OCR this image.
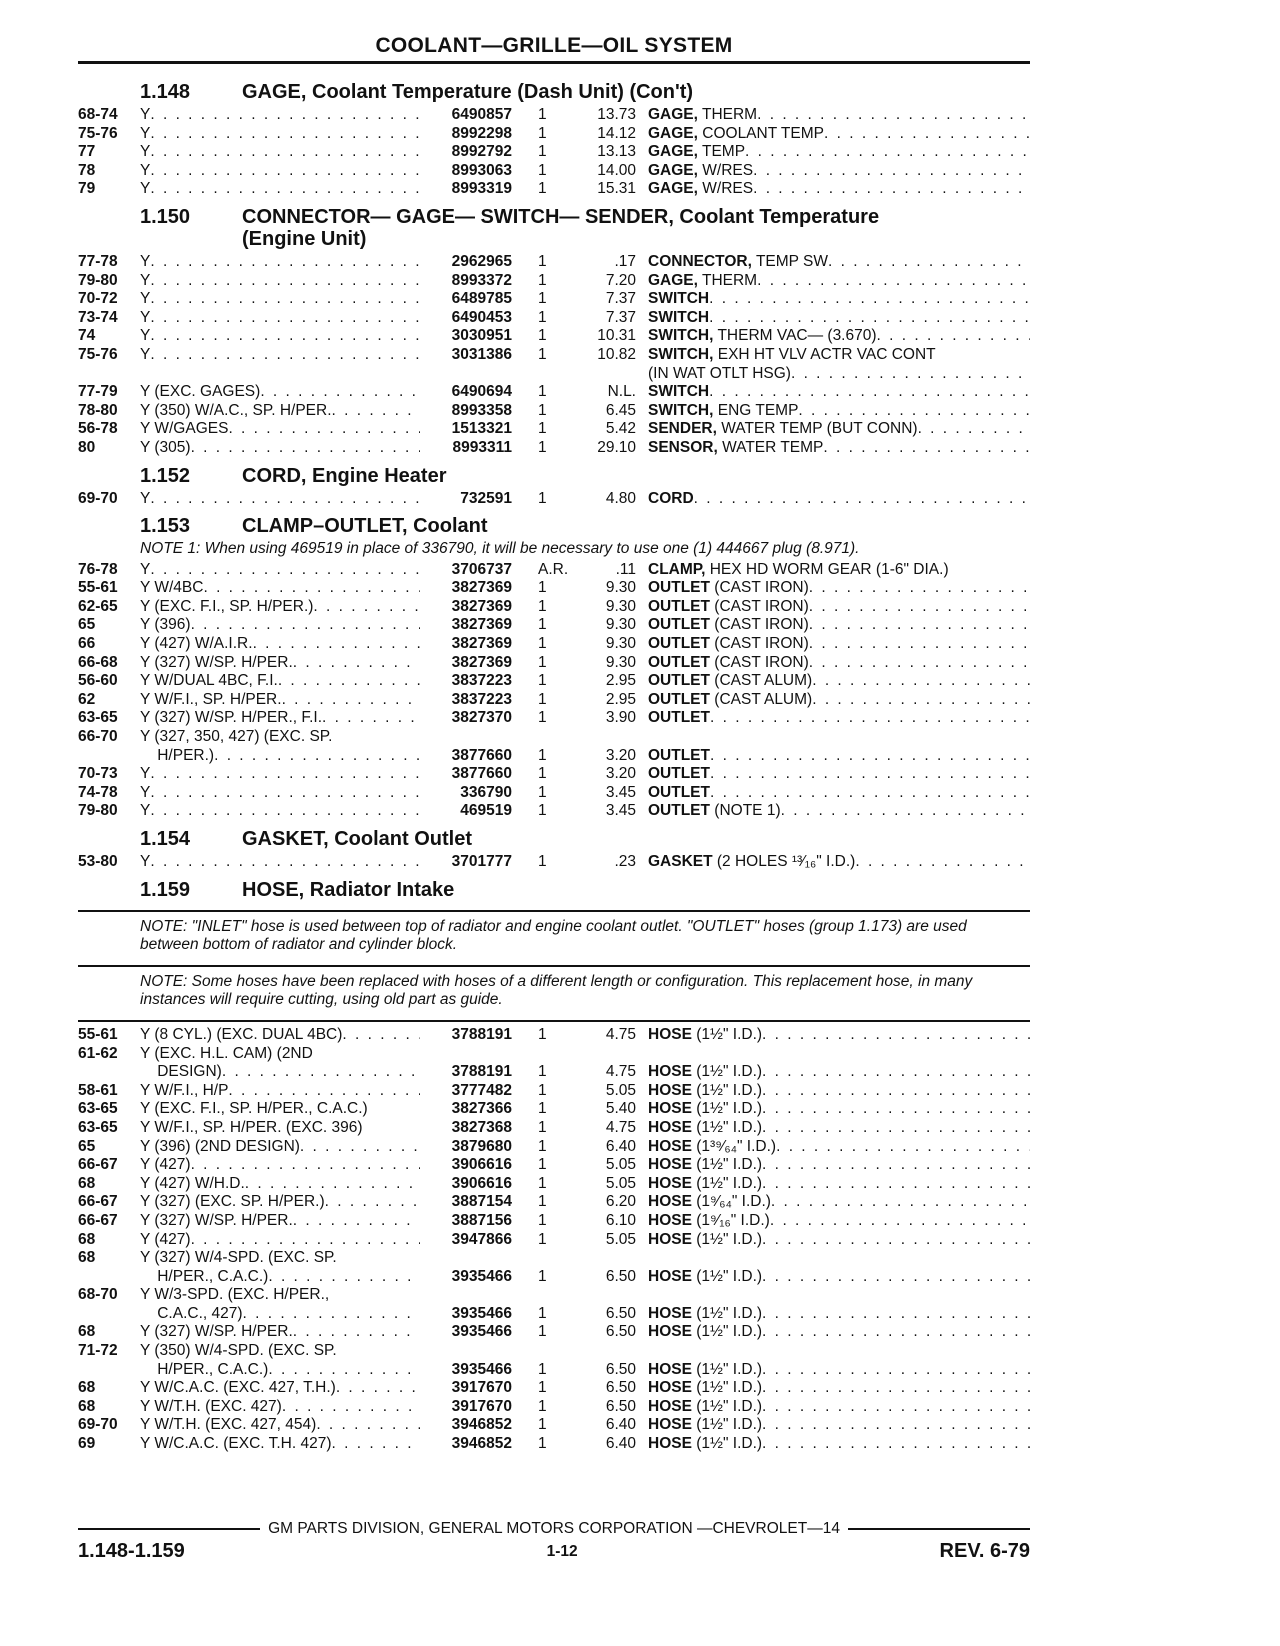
COOLANT—GRILLE—OIL SYSTEM
1.148	GAGE, Coolant Temperature (Dash Unit) (Con't)
68-74	Y . . .	6490857	1	13.73 GAGE, THERM
. . .
75-76	Y . . .	8992298	1	14.12 GAGE, COOLANT TEMP
. . .
77	Y . . .	8992792	1	13.13 GAGE, TEMP
. . .
78	Y . . .	8993063	1	14.00 GAGE, W/RES
. . .
79	Y . . .	8993319	1	15.31 GAGE, W/RES
. . .
1.150	CONNECTOR— GAGE— SWITCH— SENDER, Coolant Temperature
(Engine Unit)
77-78	Y . . .	2962965	1	.17 CONNECTOR, TEMP SW
. . .
79-80	Y . . .	8993372	1	7.20 GAGE, THERM
. . .
70-72	Y . . .	6489785	1	7.37 SWITCH
. . .
73-74	Y . . .	6490453	1	7.37 SWITCH
. . .
74	Y . . .	3030951	1	10.31 SWITCH, THERM VAC— (3.670)
. . .
75-76	Y . . .	3031386	1	10.82 SWITCH, EXH HT VLV ACTR VAC CONT
(IN WAT OTLT HSG)
. . .
77-79	Y (EXC. GAGES) . . .	6490694	1	N.L. SWITCH
. . .
78-80	Y (350) W/A.C., SP. H/PER. . . .	8993358	1	6.45 SWITCH, ENG TEMP
. . .
56-78	Y W/GAGES . . .	1513321	1	5.42 SENDER, WATER TEMP (BUT CONN)
. . .
80	Y (305) . . .	8993311	1	29.10 SENSOR, WATER TEMP
. . .
1.152	CORD, Engine Heater
69-70	Y . . .	732591	1	4.80 CORD
. . .
1.153	CLAMP–OUTLET, Coolant
NOTE 1: When using 469519 in place of 336790, it will be necessary to use one (1) 444667 plug (8.971).
76-78	Y . . .	3706737	A.R.	.11 CLAMP, HEX HD WORM GEAR (1-6" DIA.)
55-61	Y W/4BC . . .	3827369	1	9.30 OUTLET (CAST IRON)
. . .
62-65	Y (EXC. F.I., SP. H/PER.) . . .	3827369	1	9.30 OUTLET (CAST IRON)
. . .
65	Y (396) . . .	3827369	1	9.30 OUTLET (CAST IRON)
. . .
66	Y (427) W/A.I.R. . . .	3827369	1	9.30 OUTLET (CAST IRON)
. . .
66-68	Y (327) W/SP. H/PER. . . .	3827369	1	9.30 OUTLET (CAST IRON)
. . .
56-60	Y W/DUAL 4BC, F.I. . . .	3837223	1	2.95 OUTLET (CAST ALUM)
. . .
62	Y W/F.I., SP. H/PER. . . .	3837223	1	2.95 OUTLET (CAST ALUM)
. . .
63-65	Y (327) W/SP. H/PER., F.I. . . .	3827370	1	3.90 OUTLET
. . .
66-70	Y (327, 350, 427) (EXC. SP.
H/PER.) . . .	3877660	1	3.20 OUTLET
. . .
70-73	Y . . .	3877660	1	3.20 OUTLET
. . .
74-78	Y . . .	336790	1	3.45 OUTLET
. . .
79-80	Y . . .	469519	1	3.45 OUTLET (NOTE 1)
. . .
1.154	GASKET, Coolant Outlet
53-80	Y . . .	3701777	1	.23 GASKET (2 HOLES ¹³⁄₁₆" I.D.)
. . .
1.159	HOSE, Radiator Intake
NOTE: "INLET" hose is used between top of radiator and engine coolant outlet. "OUTLET" hoses (group 1.173) are used between bottom of radiator and cylinder block.
NOTE: Some hoses have been replaced with hoses of a different length or configuration. This replacement hose, in many instances will require cutting, using old part as guide.
55-61	Y (8 CYL.) (EXC. DUAL 4BC) . . .	3788191	1	4.75 HOSE (1½" I.D.)
. . .
61-62	Y (EXC. H.L. CAM) (2ND
DESIGN) . . .	3788191	1	4.75 HOSE (1½" I.D.)
. . .
58-61	Y W/F.I., H/P . . .	3777482	1	5.05 HOSE (1½" I.D.)
. . .
63-65	Y (EXC. F.I., SP. H/PER., C.A.C.)	3827366	1	5.40 HOSE (1½" I.D.)
. . .
63-65	Y W/F.I., SP. H/PER. (EXC. 396)	3827368	1	4.75 HOSE (1½" I.D.)
. . .
65	Y (396) (2ND DESIGN) . . .	3879680	1	6.40 HOSE (1³⁹⁄₆₄" I.D.)
. . .
66-67	Y (427) . . .	3906616	1	5.05 HOSE (1½" I.D.)
. . .
68	Y (427) W/H.D. . . .	3906616	1	5.05 HOSE (1½" I.D.)
. . .
66-67	Y (327) (EXC. SP. H/PER.) . . .	3887154	1	6.20 HOSE (1⁹⁄₆₄" I.D.)
. . .
66-67	Y (327) W/SP. H/PER. . . .	3887156	1	6.10 HOSE (1⁹⁄₁₆" I.D.)
. . .
68	Y (427) . . .	3947866	1	5.05 HOSE (1½" I.D.)
. . .
68	Y (327) W/4-SPD. (EXC. SP.
H/PER., C.A.C.) . . .	3935466	1	6.50 HOSE (1½" I.D.)
. . .
68-70	Y W/3-SPD. (EXC. H/PER.,
C.A.C., 427) . . .	3935466	1	6.50 HOSE (1½" I.D.)
. . .
68	Y (327) W/SP. H/PER. . . .	3935466	1	6.50 HOSE (1½" I.D.)
. . .
71-72	Y (350) W/4-SPD. (EXC. SP.
H/PER., C.A.C.) . . .	3935466	1	6.50 HOSE (1½" I.D.)
. . .
68	Y W/C.A.C. (EXC. 427, T.H.) . . .	3917670	1	6.50 HOSE (1½" I.D.)
. . .
68	Y W/T.H. (EXC. 427) . . .	3917670	1	6.50 HOSE (1½" I.D.)
. . .
69-70	Y W/T.H. (EXC. 427, 454) . . .	3946852	1	6.40 HOSE (1½" I.D.)
. . .
69	Y W/C.A.C. (EXC. T.H. 427) . . .	3946852	1	6.40 HOSE (1½" I.D.)
. . .
GM PARTS DIVISION, GENERAL MOTORS CORPORATION —CHEVROLET—14
1.148-1.159	1-12	REV. 6-79
